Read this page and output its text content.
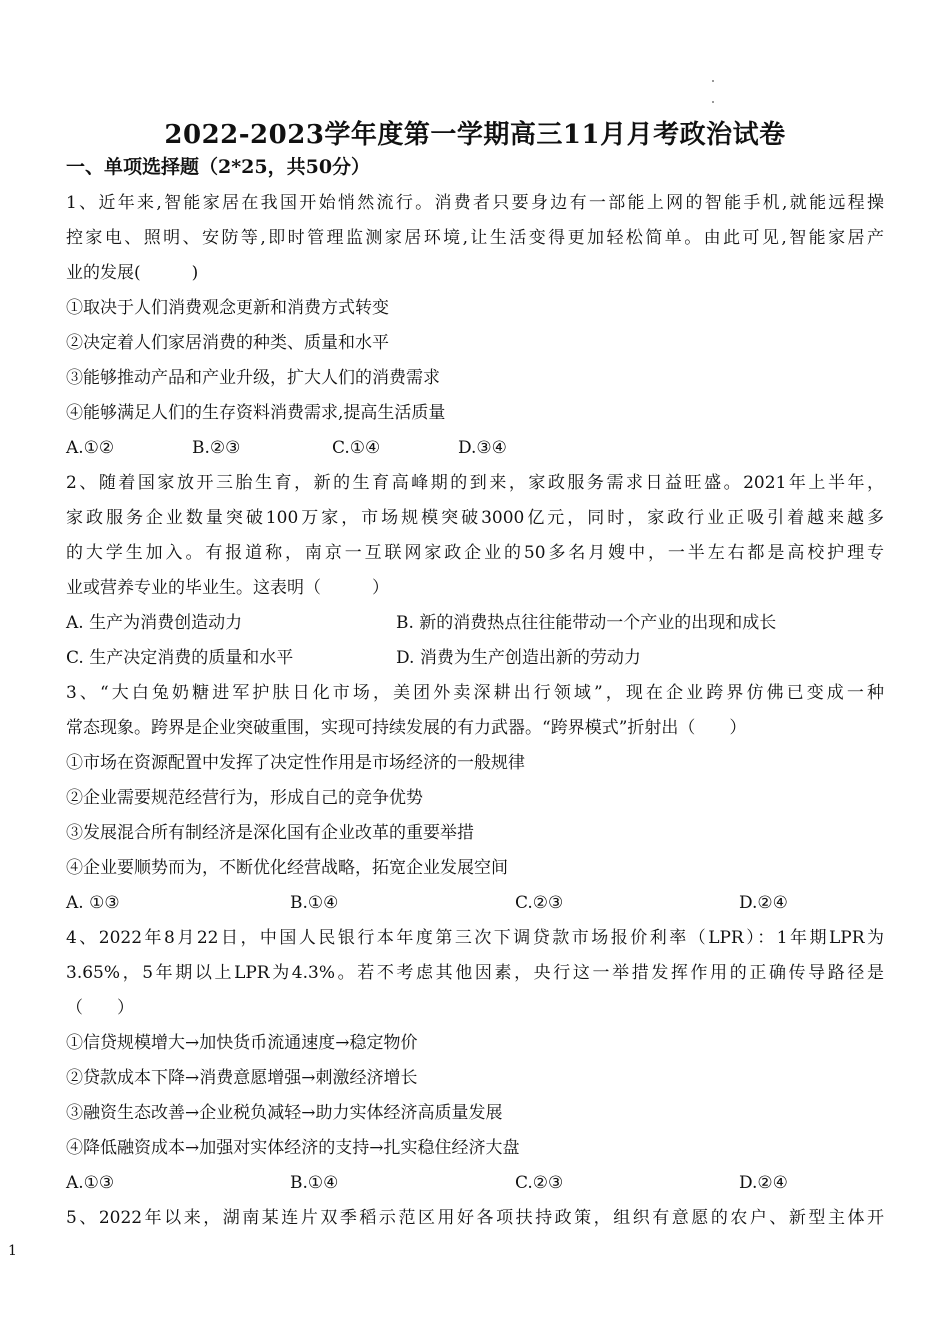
2022-2023学年度第一学期高三11月月考政治试卷
一、单项选择题（2*25，共50分）
1、近年来,智能家居在我国开始悄然流行。消费者只要身边有一部能上网的智能手机,就能远程操
控家电、照明、安防等,即时管理监测家居环境,让生活变得更加轻松简单。由此可见,智能家居产
业的发展(　　　)
①取决于人们消费观念更新和消费方式转变
②决定着人们家居消费的种类、质量和水平
③能够推动产品和产业升级，扩大人们的消费需求
④能够满足人们的生存资料消费需求,提高生活质量
A.①②	B.②③	C.①④	D.③④
2、随着国家放开三胎生育，新的生育高峰期的到来，家政服务需求日益旺盛。2021年上半年，
家政服务企业数量突破100万家，市场规模突破3000亿元，同时，家政行业正吸引着越来越多
的大学生加入。有报道称，南京一互联网家政企业的50多名月嫂中，一半左右都是高校护理专
业或营养专业的毕业生。这表明（　　　）
A. 生产为消费创造动力	B. 新的消费热点往往能带动一个产业的出现和成长
C. 生产决定消费的质量和水平	D. 消费为生产创造出新的劳动力
3、“大白兔奶糖进军护肤日化市场，美团外卖深耕出行领域”，现在企业跨界仿佛已变成一种
常态现象。跨界是企业突破重围，实现可持续发展的有力武器。“跨界模式”折射出（　　）
①市场在资源配置中发挥了决定性作用是市场经济的一般规律
②企业需要规范经营行为，形成自己的竞争优势
③发展混合所有制经济是深化国有企业改革的重要举措
④企业要顺势而为，不断优化经营战略，拓宽企业发展空间
A. ①③	B.①④	C.②③	D.②④
4、2022年8月22日，中国人民银行本年度第三次下调贷款市场报价利率（LPR）：1年期LPR为
3.65%，5年期以上LPR为4.3%。若不考虑其他因素，央行这一举措发挥作用的正确传导路径是
（　　）
①信贷规模增大→加快货币流通速度→稳定物价
②贷款成本下降→消费意愿增强→刺激经济增长
③融资生态改善→企业税负减轻→助力实体经济高质量发展
④降低融资成本→加强对实体经济的支持→扎实稳住经济大盘
A.①③	B.①④	C.②③	D.②④
5、2022年以来，湖南某连片双季稻示范区用好各项扶持政策，组织有意愿的农户、新型主体开
1
